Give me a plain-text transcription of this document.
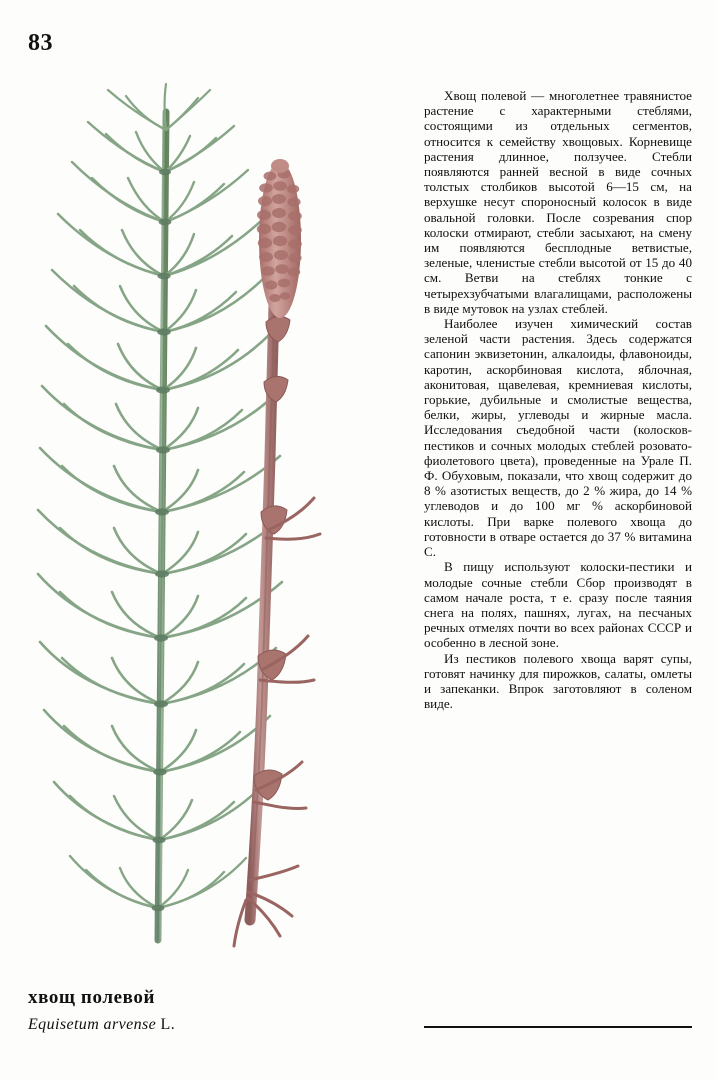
83

Хвощ полевой — многолетнее травянистое растение с характерными стеблями, состоящими из отдельных сегментов, относится к семейству хвощовых. Корневище растения длинное, ползучее. Стебли появляются ранней весной в виде сочных толстых столбиков высотой 6—15 см, на верхушке несут спороносный колосок в виде овальной головки. После созревания спор колоски отмирают, стебли засыхают, на смену им появляются бесплодные ветвистые, зеленые, членистые стебли высотой от 15 до 40 см. Ветви на стеблях тонкие с четырехзубчатыми влагалищами, расположены в виде мутовок на узлах стеблей.

Наиболее изучен химический состав зеленой части растения. Здесь содержатся сапонин эквизетонин, алкалоиды, флавоноиды, каротин, аскорбиновая кислота, яблочная, аконитовая, щавелевая, кремниевая кислоты, горькие, дубильные и смолистые вещества, белки, жиры, углеводы и жирные масла. Исследования съедобной части (колосков-пестиков и сочных молодых стеблей розовато-фиолетового цвета), проведенные на Урале П. Ф. Обуховым, показали, что хвощ содержит до 8 % азотистых веществ, до 2 % жира, до 14 % углеводов и до 100 мг % аскорбиновой кислоты. При варке полевого хвоща до готовности в отваре остается до 37 % витамина С.

В пищу используют колоски-пестики и молодые сочные стебли Сбор производят в самом начале роста, т е. сразу после таяния снега на полях, пашнях, лугах, на песчаных речных отмелях почти во всех районах СССР и особенно в лесной зоне.

Из пестиков полевого хвоща варят супы, готовят начинку для пирожков, салаты, омлеты и запеканки. Впрок заготовляют в соленом виде.

хвощ полевой

Equisetum arvense L.
